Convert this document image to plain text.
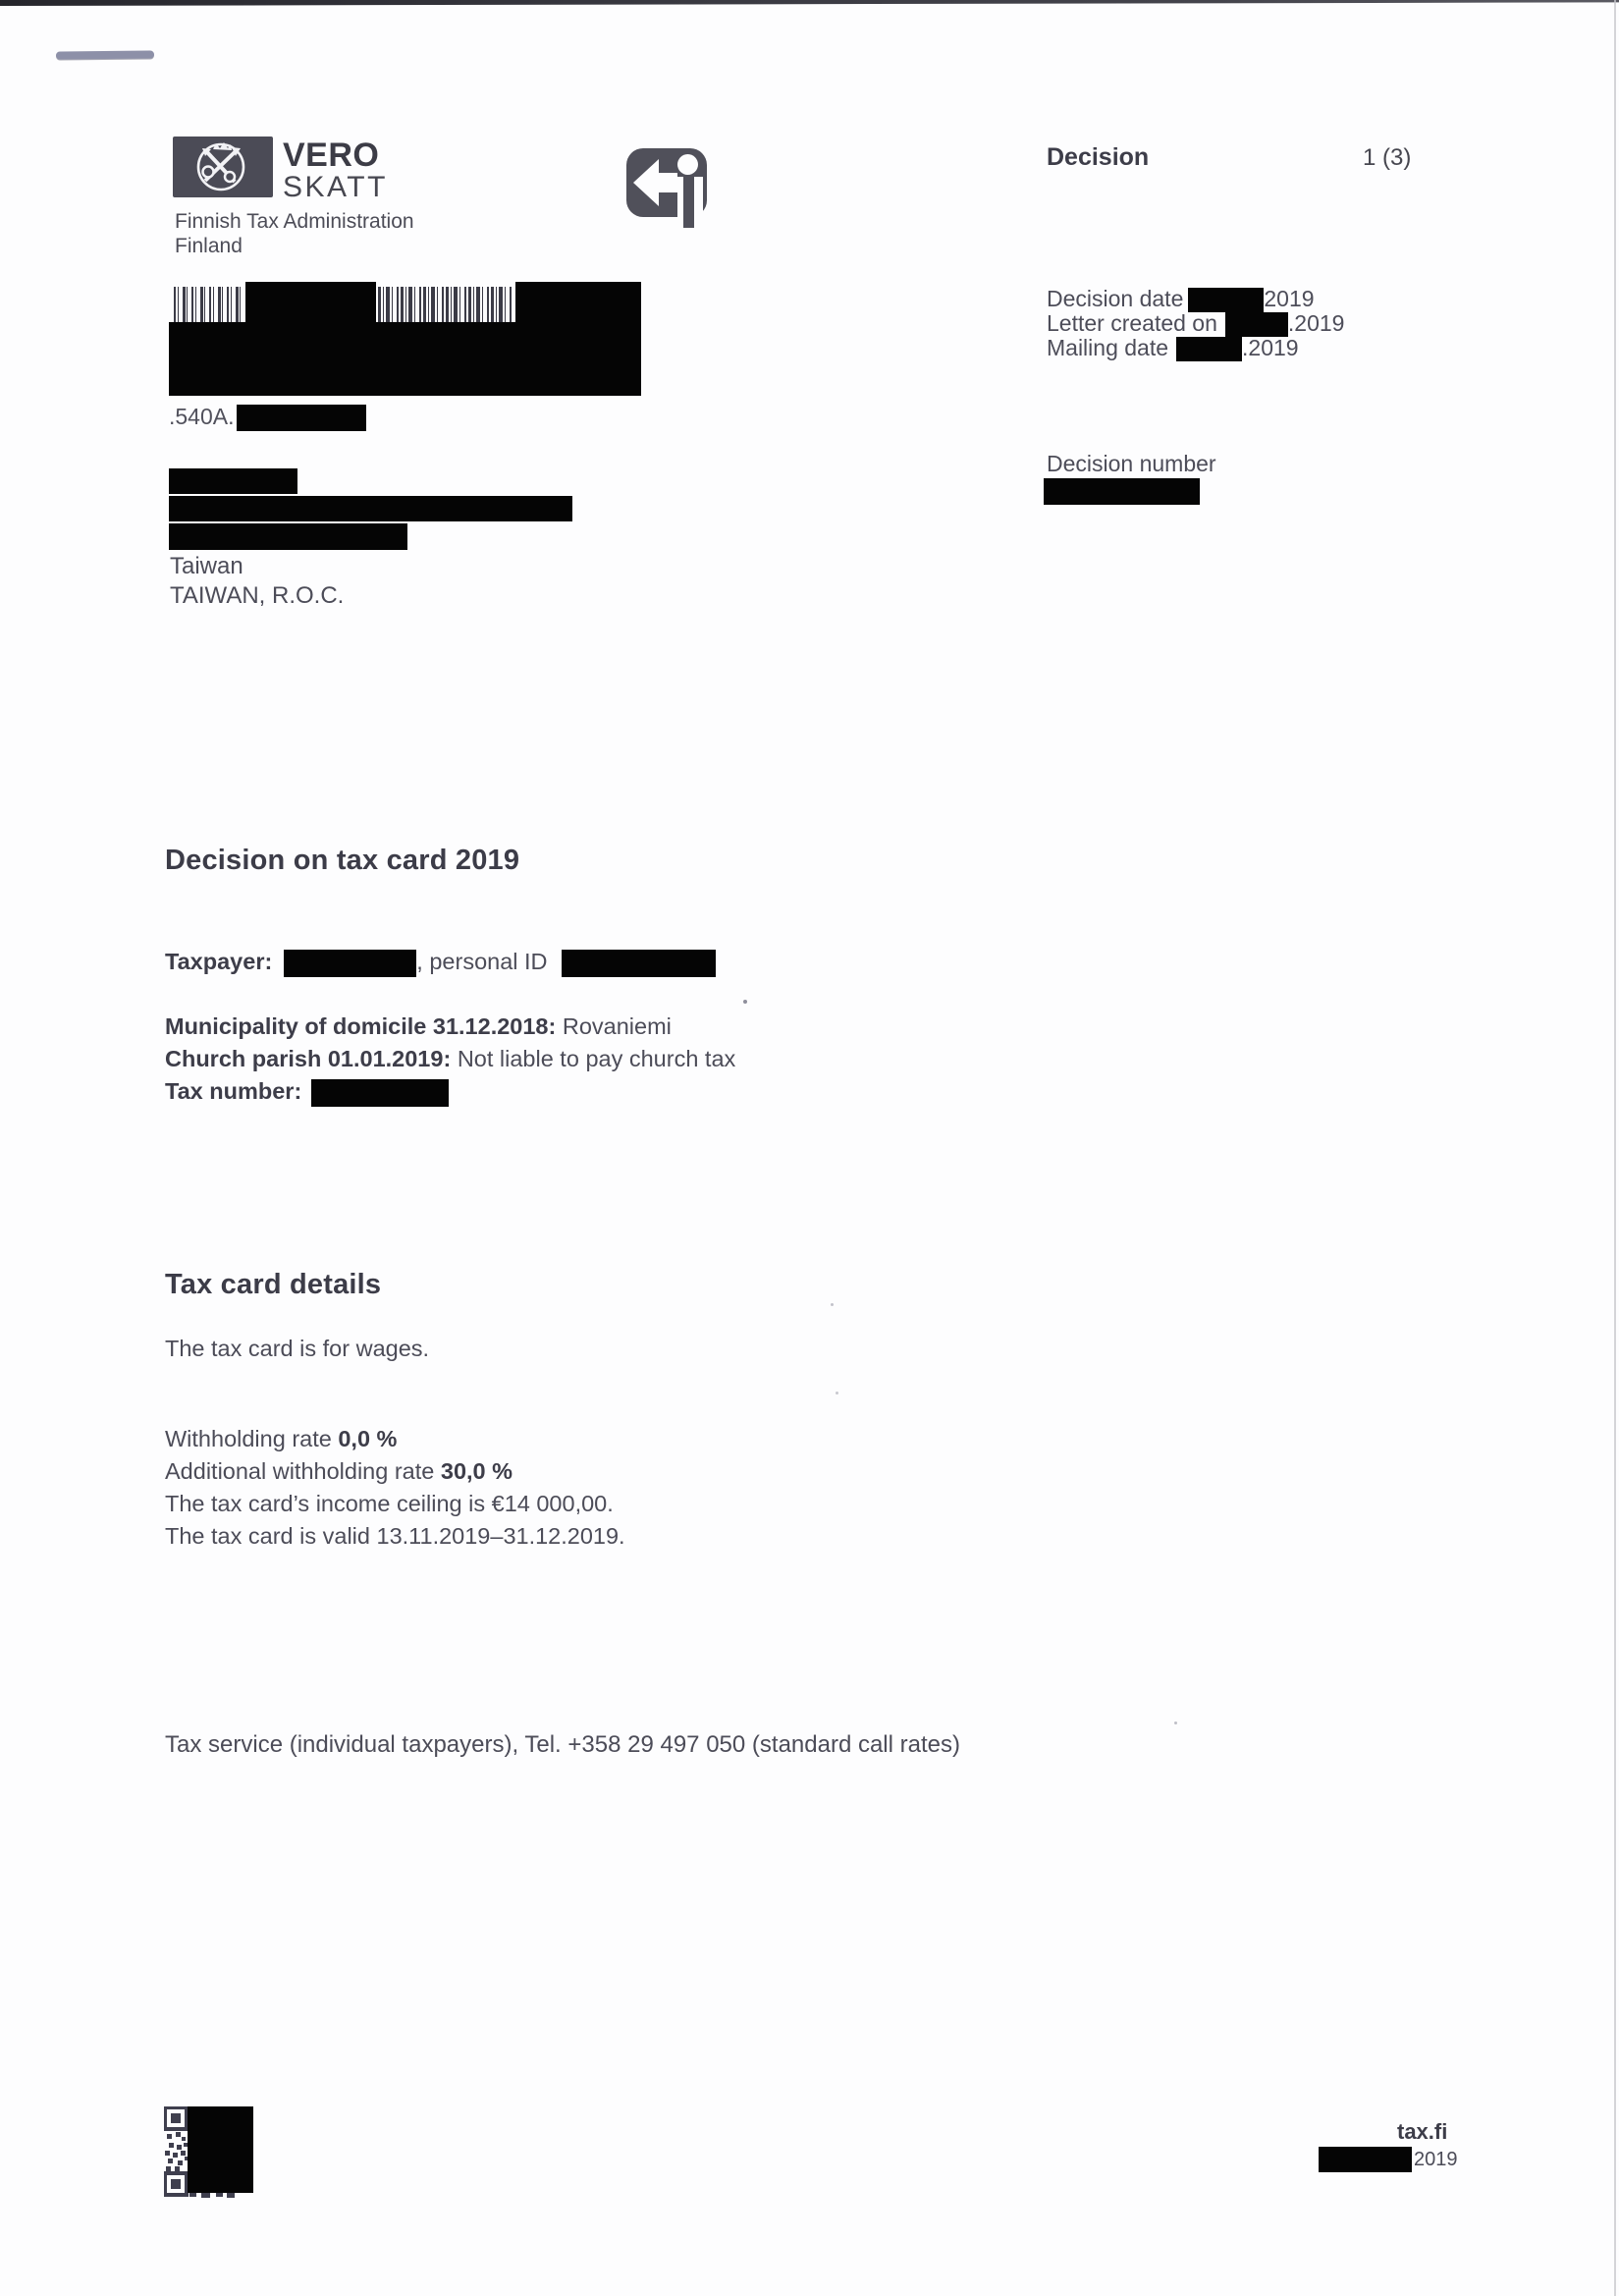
VERO
SKATT
Finnish Tax Administration
Finland
Decision	1 (3)
Decision date	2019
Letter created on	.2019
Mailing date	.2019
Decision number
.540A.
Taiwan
TAIWAN, R.O.C.
Decision on tax card 2019
Taxpayer:	, personal ID
Municipality of domicile 31.12.2018: Rovaniemi
Church parish 01.01.2019: Not liable to pay church tax
Tax number:
Tax card details
The tax card is for wages.
Withholding rate 0,0 %
Additional withholding rate 30,0 %
The tax card’s income ceiling is €14 000,00.
The tax card is valid 13.11.2019–31.12.2019.
Tax service (individual taxpayers), Tel. +358 29 497 050 (standard call rates)
tax.fi
2019
